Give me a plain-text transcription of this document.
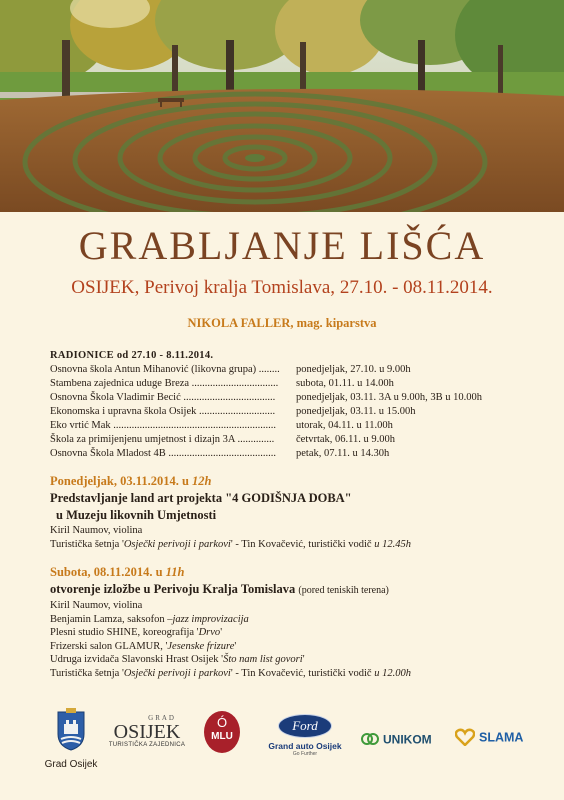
GRABLJANJE LIŠĆA

OSIJEK, Perivoj kralja Tomislava, 27.10. - 08.11.2014.

NIKOLA FALLER, mag. kiparstva

RADIONICE od 27.10 - 8.11.2014.
Osnovna škola Antun Mihanović (likovna grupa) ........	ponedjeljak, 27.10. u 9.00h
Stambena zajednica uduge Breza .................................	subota, 01.11. u 14.00h
Osnovna Škola Vladimir Becić ...................................	ponedjeljak, 03.11. 3A u 9.00h, 3B u 10.00h
Ekonomska i upravna škola Osijek .............................	ponedjeljak, 03.11. u 15.00h
Eko vrtić Mak ..............................................................	utorak, 04.11. u 11.00h
Škola za primijenjenu umjetnost i dizajn 3A ..............	četvrtak, 06.11. u 9.00h
Osnovna Škola Mladost 4B .........................................	petak, 07.11. u 14.30h
Ponedjeljak, 03.11.2014. u 12h
Predstavljanje land art projekta "4 GODIŠNJA DOBA"
u Muzeju likovnih Umjetnosti
Kiril Naumov, violina
Turistička šetnja 'Osječki perivoji i parkovi' - Tin Kovačević, turistički vodič u 12.45h
Subota, 08.11.2014. u 11h
otvorenje izložbe u Perivoju Kralja Tomislava (pored teniskih terena)
Kiril Naumov, violina
Benjamin Lamza, saksofon –jazz improvizacija
Plesni studio SHINE, koreografija 'Drvo'
Frizerski salon GLAMUR, 'Jesenske frizure'
Udruga izvidača Slavonski Hrast Osijek 'Što nam list govori'
Turistička šetnja 'Osječki perivoji i parkovi' - Tin Kovačević, turistički vodič u 12.00h
Grad Osijek
GRAD
OSIJEK
TURISTIČKA ZAJEDNICA
Ó
MLU
Ford
Grand auto Osijek
Go Further
UNIKOM	SLAMA
